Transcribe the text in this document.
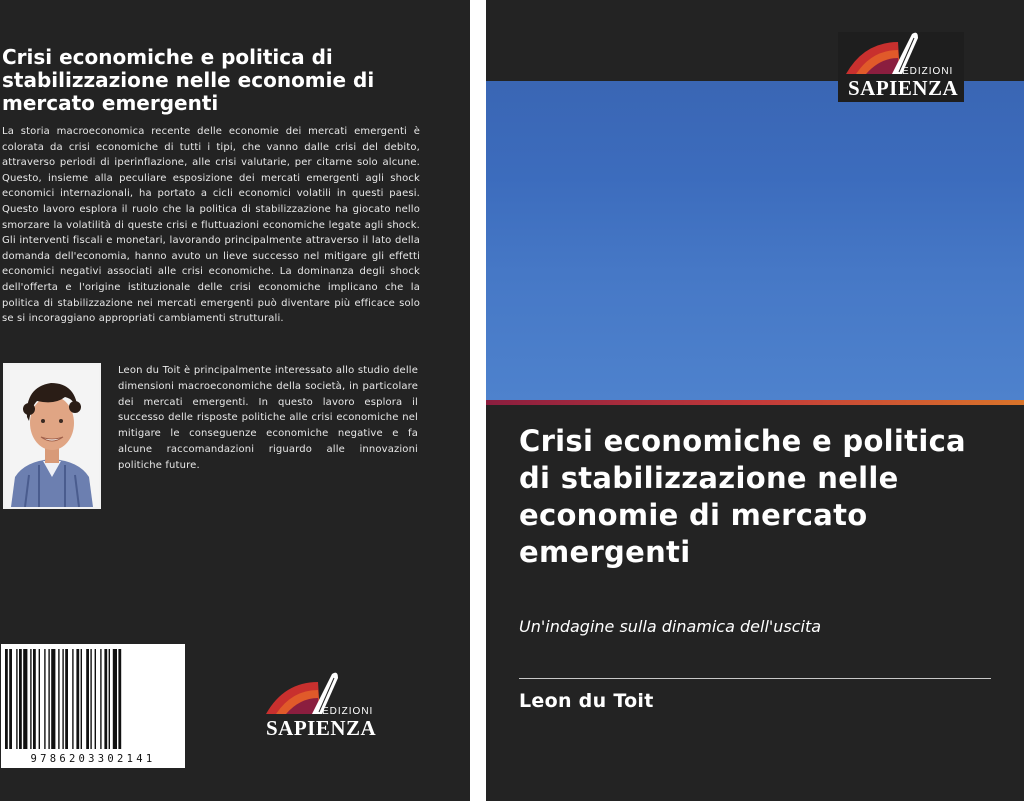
Crisi economiche e politica di stabilizzazione nelle economie di mercato emergenti

La storia macroeconomica recente delle economie dei mercati emergenti è colorata da crisi economiche di tutti i tipi, che vanno dalle crisi del debito, attraverso periodi di iperinflazione, alle crisi valutarie, per citarne solo alcune. Questo, insieme alla peculiare esposizione dei mercati emergenti agli shock economici internazionali, ha portato a cicli economici volatili in questi paesi. Questo lavoro esplora il ruolo che la politica di stabilizzazione ha giocato nello smorzare la volatilità di queste crisi e fluttuazioni economiche legate agli shock. Gli interventi fiscali e monetari, lavorando principalmente attraverso il lato della domanda dell'economia, hanno avuto un lieve successo nel mitigare gli effetti economici negativi associati alle crisi economiche. La dominanza degli shock dell'offerta e l'origine istituzionale delle crisi economiche implicano che la politica di stabilizzazione nei mercati emergenti può diventare più efficace solo se si incoraggiano appropriati cambiamenti strutturali.

Leon du Toit è principalmente interessato allo studio delle dimensioni macroeconomiche della società, in particolare dei mercati emergenti. In questo lavoro esplora il successo delle risposte politiche alle crisi economiche nel mitigare le conseguenze economiche negative e fa alcune raccomandazioni riguardo alle innovazioni politiche future.

9786203302141
EDIZIONI
SAPIENZA
EDIZIONI
SAPIENZA
Crisi economiche e politica di stabilizzazione nelle economie di mercato emergenti

Un'indagine sulla dinamica dell'uscita

Leon du Toit
